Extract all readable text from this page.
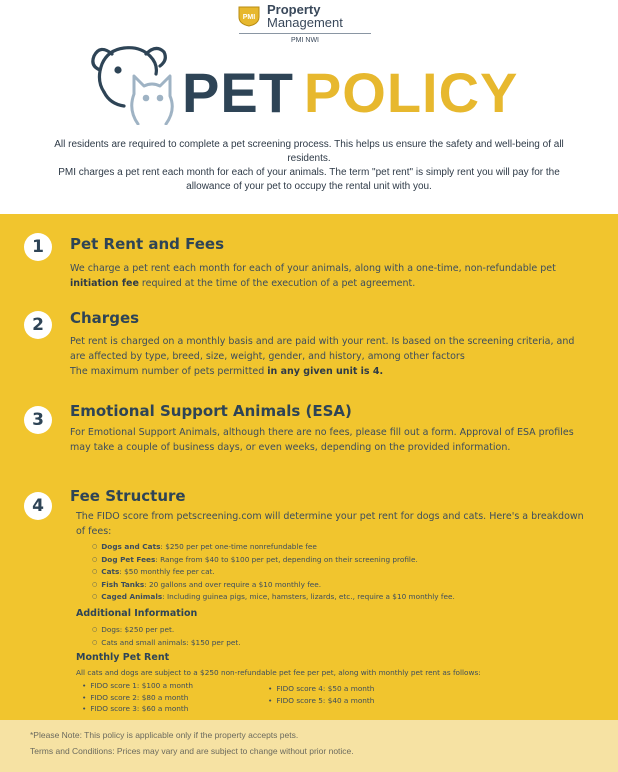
PMI
Property
Management
PMI NWI
PET POLICY
All residents are required to complete a pet screening process. This helps us ensure the safety and well-being of all residents.
PMI charges a pet rent each month for each of your animals. The term "pet rent" is simply rent you will pay for the allowance of your pet to occupy the rental unit with you.
1	Pet Rent and Fees
We charge a pet rent each month for each of your animals, along with a one-time, non-refundable pet initiation fee required at the time of the execution of a pet agreement.
2	Charges
Pet rent is charged on a monthly basis and are paid with your rent. Is based on the screening criteria, and are affected by type, breed, size, weight, gender, and history, among other factors
The maximum number of pets permitted in any given unit is 4.
3	Emotional Support Animals (ESA)
For Emotional Support Animals, although there are no fees, please fill out a form. Approval of ESA profiles may take a couple of business days, or even weeks, depending on the provided information.
4	Fee Structure
The FIDO score from petscreening.com will determine your pet rent for dogs and cats. Here's a breakdown of fees:
○ Dogs and Cats: $250 per pet one-time nonrefundable fee
○ Dog Pet Fees: Range from $40 to $100 per pet, depending on their screening profile.
○ Cats: $50 monthly fee per cat.
○ Fish Tanks: 20 gallons and over require a $10 monthly fee.
○ Caged Animals: Including guinea pigs, mice, hamsters, lizards, etc., require a $10 monthly fee.
Additional Information
○ Dogs: $250 per pet.
○ Cats and small animals: $150 per pet.
Monthly Pet Rent
All cats and dogs are subject to a $250 non-refundable pet fee per pet, along with monthly pet rent as follows:
• FIDO score 1: $100 a month
• FIDO score 2: $80 a month
• FIDO score 3: $60 a month
• FIDO score 4: $50 a month
• FIDO score 5: $40 a month
*Please Note: This policy is applicable only if the property accepts pets.
Terms and Conditions: Prices may vary and are subject to change without prior notice.
